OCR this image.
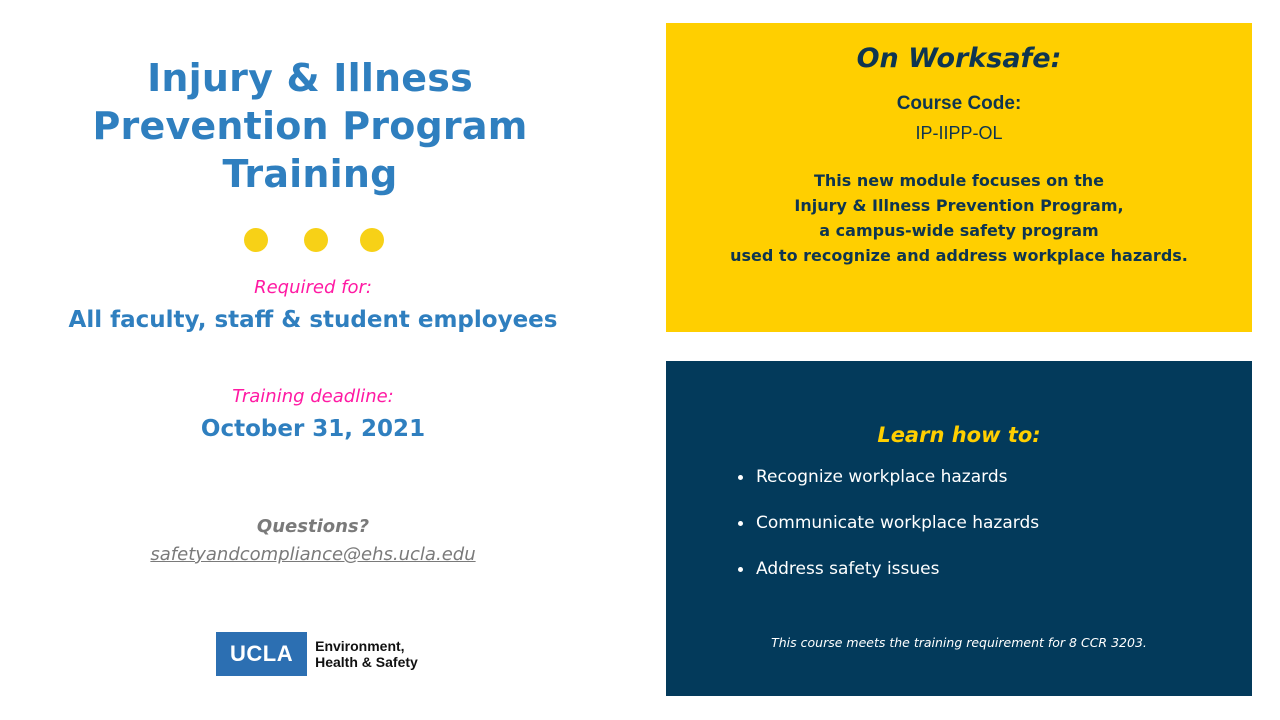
Injury & Illness
Prevention Program
Training
Required for:
All faculty, staff & student employees
Training deadline:
October 31, 2021
Questions?
safetyandcompliance@ehs.ucla.edu
UCLA	Environment,
Health & Safety
On Worksafe:
Course Code:
IP-IIPP-OL
This new module focuses on the
Injury & Illness Prevention Program,
a campus-wide safety program
used to recognize and address workplace hazards.
Learn how to:
Recognize workplace hazards
Communicate workplace hazards
Address safety issues
This course meets the training requirement for 8 CCR 3203.
